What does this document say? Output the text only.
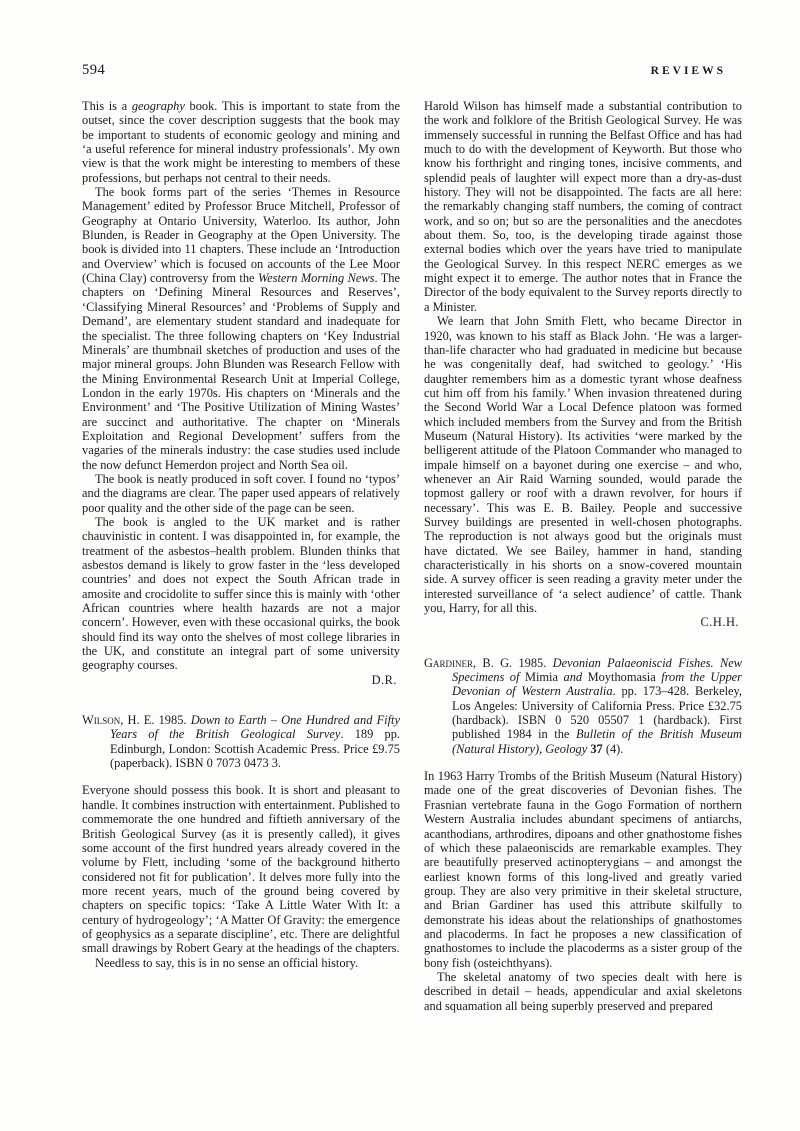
594	REVIEWS

This is a geography book. This is important to state from the outset, since the cover description suggests that the book may be important to students of economic geology and mining and ‘a useful reference for mineral industry professionals’. My own view is that the work might be interesting to members of these professions, but perhaps not central to their needs.

The book forms part of the series ‘Themes in Resource Management’ edited by Professor Bruce Mitchell, Professor of Geography at Ontario University, Waterloo. Its author, John Blunden, is Reader in Geography at the Open University. The book is divided into 11 chapters. These include an ‘Introduction and Overview’ which is focused on accounts of the Lee Moor (China Clay) controversy from the Western Morning News. The chapters on ‘Defining Mineral Resources and Reserves’, ‘Classifying Mineral Resources’ and ‘Problems of Supply and Demand’, are elementary student standard and inadequate for the specialist. The three following chapters on ‘Key Industrial Minerals’ are thumbnail sketches of production and uses of the major mineral groups. John Blunden was Research Fellow with the Mining Environmental Research Unit at Imperial College, London in the early 1970s. His chapters on ‘Minerals and the Environment’ and ‘The Positive Utilization of Mining Wastes’ are succinct and authoritative. The chapter on ‘Minerals Exploitation and Regional Development’ suffers from the vagaries of the minerals industry: the case studies used include the now defunct Hemerdon project and North Sea oil.

The book is neatly produced in soft cover. I found no ‘typos’ and the diagrams are clear. The paper used appears of relatively poor quality and the other side of the page can be seen.

The book is angled to the UK market and is rather chauvinistic in content. I was disappointed in, for example, the treatment of the asbestos–health problem. Blunden thinks that asbestos demand is likely to grow faster in the ‘less developed countries’ and does not expect the South African trade in amosite and crocidolite to suffer since this is mainly with ‘other African countries where health hazards are not a major concern’. However, even with these occasional quirks, the book should find its way onto the shelves of most college libraries in the UK, and constitute an integral part of some university geography courses.

D.R.

Wilson, H. E. 1985. Down to Earth – One Hundred and Fifty Years of the British Geological Survey. 189 pp. Edinburgh, London: Scottish Academic Press. Price £9.75 (paperback). ISBN 0 7073 0473 3.

Everyone should possess this book. It is short and pleasant to handle. It combines instruction with entertainment. Published to commemorate the one hundred and fiftieth anniversary of the British Geological Survey (as it is presently called), it gives some account of the first hundred years already covered in the volume by Flett, including ‘some of the background hitherto considered not fit for publication’. It delves more fully into the more recent years, much of the ground being covered by chapters on specific topics: ‘Take A Little Water With It: a century of hydrogeology’; ‘A Matter Of Gravity: the emergence of geophysics as a separate discipline’, etc. There are delightful small drawings by Robert Geary at the headings of the chapters.

Needless to say, this is in no sense an official history.

Harold Wilson has himself made a substantial contribution to the work and folklore of the British Geological Survey. He was immensely successful in running the Belfast Office and has had much to do with the development of Keyworth. But those who know his forthright and ringing tones, incisive comments, and splendid peals of laughter will expect more than a dry-as-dust history. They will not be disappointed. The facts are all here: the remarkably changing staff numbers, the coming of contract work, and so on; but so are the personalities and the anecdotes about them. So, too, is the developing tirade against those external bodies which over the years have tried to manipulate the Geological Survey. In this respect NERC emerges as we might expect it to emerge. The author notes that in France the Director of the body equivalent to the Survey reports directly to a Minister.

We learn that John Smith Flett, who became Director in 1920, was known to his staff as Black John. ‘He was a larger-than-life character who had graduated in medicine but because he was congenitally deaf, had switched to geology.’ ‘His daughter remembers him as a domestic tyrant whose deafness cut him off from his family.’ When invasion threatened during the Second World War a Local Defence platoon was formed which included members from the Survey and from the British Museum (Natural History). Its activities ‘were marked by the belligerent attitude of the Platoon Commander who managed to impale himself on a bayonet during one exercise – and who, whenever an Air Raid Warning sounded, would parade the topmost gallery or roof with a drawn revolver, for hours if necessary’. This was E. B. Bailey. People and successive Survey buildings are presented in well-chosen photographs. The reproduction is not always good but the originals must have dictated. We see Bailey, hammer in hand, standing characteristically in his shorts on a snow-covered mountain side. A survey officer is seen reading a gravity meter under the interested surveillance of ‘a select audience’ of cattle. Thank you, Harry, for all this.

C.H.H.

Gardiner, B. G. 1985. Devonian Palaeoniscid Fishes. New Specimens of Mimia and Moythomasia from the Upper Devonian of Western Australia. pp. 173–428. Berkeley, Los Angeles: University of California Press. Price £32.75 (hardback). ISBN 0 520 05507 1 (hardback). First published 1984 in the Bulletin of the British Museum (Natural History), Geology 37 (4).

In 1963 Harry Trombs of the British Museum (Natural History) made one of the great discoveries of Devonian fishes. The Frasnian vertebrate fauna in the Gogo Formation of northern Western Australia includes abundant specimens of antiarchs, acanthodians, arthrodires, dipoans and other gnathostome fishes of which these palaeoniscids are remarkable examples. They are beautifully preserved actinopterygians – and amongst the earliest known forms of this long-lived and greatly varied group. They are also very primitive in their skeletal structure, and Brian Gardiner has used this attribute skilfully to demonstrate his ideas about the relationships of gnathostomes and placoderms. In fact he proposes a new classification of gnathostomes to include the placoderms as a sister group of the bony fish (osteichthyans).

The skeletal anatomy of two species dealt with here is described in detail – heads, appendicular and axial skeletons and squamation all being superbly preserved and prepared
